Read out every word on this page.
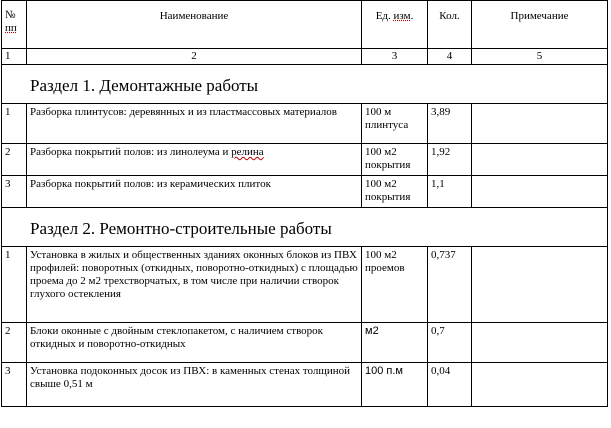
№
пп	Наименование	Ед. изм.	Кол.	Примечание
1	2	3	4	5
Раздел 1. Демонтажные работы				
1	Разборка плинтусов: деревянных и из пластмассовых материалов	100 м плинтуса	3,89	
2	Разборка покрытий полов: из линолеума и релина	100 м2 покрытия	1,92	
3	Разборка покрытий полов: из керамических плиток	100 м2 покрытия	1,1	
Раздел 2. Ремонтно-строительные работы				
1	Установка в жилых и общественных зданиях оконных блоков из ПВХ профилей: поворотных (откидных, поворотно-откидных) с площадью проема до 2 м2 трехстворчатых, в том числе при наличии створок глухого остекления	100 м2 проемов	0,737	
2	Блоки оконные с двойным стеклопакетом, с наличием створок откидных и поворотно-откидных	м2	0,7	
3	Установка подоконных досок из ПВХ: в каменных стенах толщиной свыше 0,51 м	100 п.м	0,04	
